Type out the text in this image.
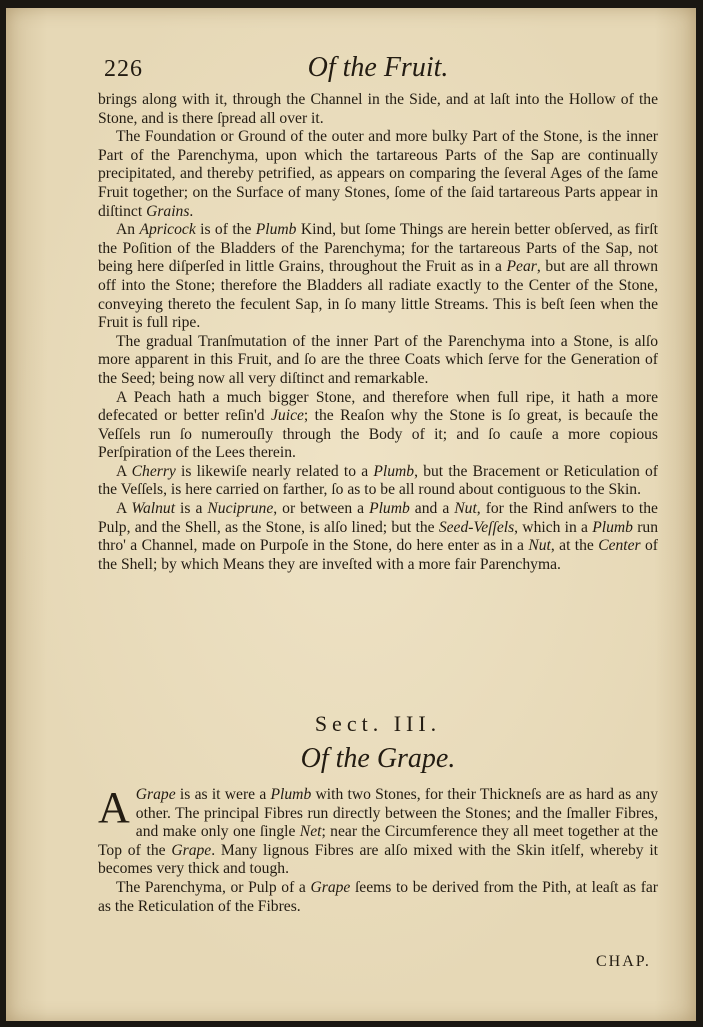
226	Of the Fruit.

brings along with it, through the Channel in the Side, and at laſt into the Hollow of the Stone, and is there ſpread all over it.

The Foundation or Ground of the outer and more bulky Part of the Stone, is the inner Part of the Parenchyma, upon which the tartareous Parts of the Sap are continually precipitated, and thereby petrified, as appears on comparing the ſeveral Ages of the ſame Fruit together; on the Surface of many Stones, ſome of the ſaid tartareous Parts appear in diſtinct Grains.

An Apricock is of the Plumb Kind, but ſome Things are herein better obſerved, as firſt the Poſition of the Bladders of the Parenchyma; for the tartareous Parts of the Sap, not being here diſperſed in little Grains, throughout the Fruit as in a Pear, but are all thrown off into the Stone; therefore the Bladders all radiate exactly to the Center of the Stone, conveying thereto the feculent Sap, in ſo many little Streams. This is beſt ſeen when the Fruit is full ripe.

The gradual Tranſmutation of the inner Part of the Parenchyma into a Stone, is alſo more apparent in this Fruit, and ſo are the three Coats which ſerve for the Generation of the Seed; being now all very diſtinct and remarkable.

A Peach hath a much bigger Stone, and therefore when full ripe, it hath a more defecated or better reſin'd Juice; the Reaſon why the Stone is ſo great, is becauſe the Veſſels run ſo numerouſly through the Body of it; and ſo cauſe a more copious Perſpiration of the Lees therein.

A Cherry is likewiſe nearly related to a Plumb, but the Bracement or Reticulation of the Veſſels, is here carried on farther, ſo as to be all round about contiguous to the Skin.

A Walnut is a Nuciprune, or between a Plumb and a Nut, for the Rind anſwers to the Pulp, and the Shell, as the Stone, is alſo lined; but the Seed-Veſſels, which in a Plumb run thro' a Channel, made on Purpoſe in the Stone, do here enter as in a Nut, at the Center of the Shell; by which Means they are inveſted with a more fair Parenchyma.

Sect. III.
Of the Grape.

A Grape is as it were a Plumb with two Stones, for their Thickneſs are as hard as any other. The principal Fibres run directly between the Stones; and the ſmaller Fibres, and make only one ſingle Net; near the Circumference they all meet together at the Top of the Grape. Many lignous Fibres are alſo mixed with the Skin itſelf, whereby it becomes very thick and tough.

The Parenchyma, or Pulp of a Grape ſeems to be derived from the Pith, at leaſt as far as the Reticulation of the Fibres.

CHAP.
